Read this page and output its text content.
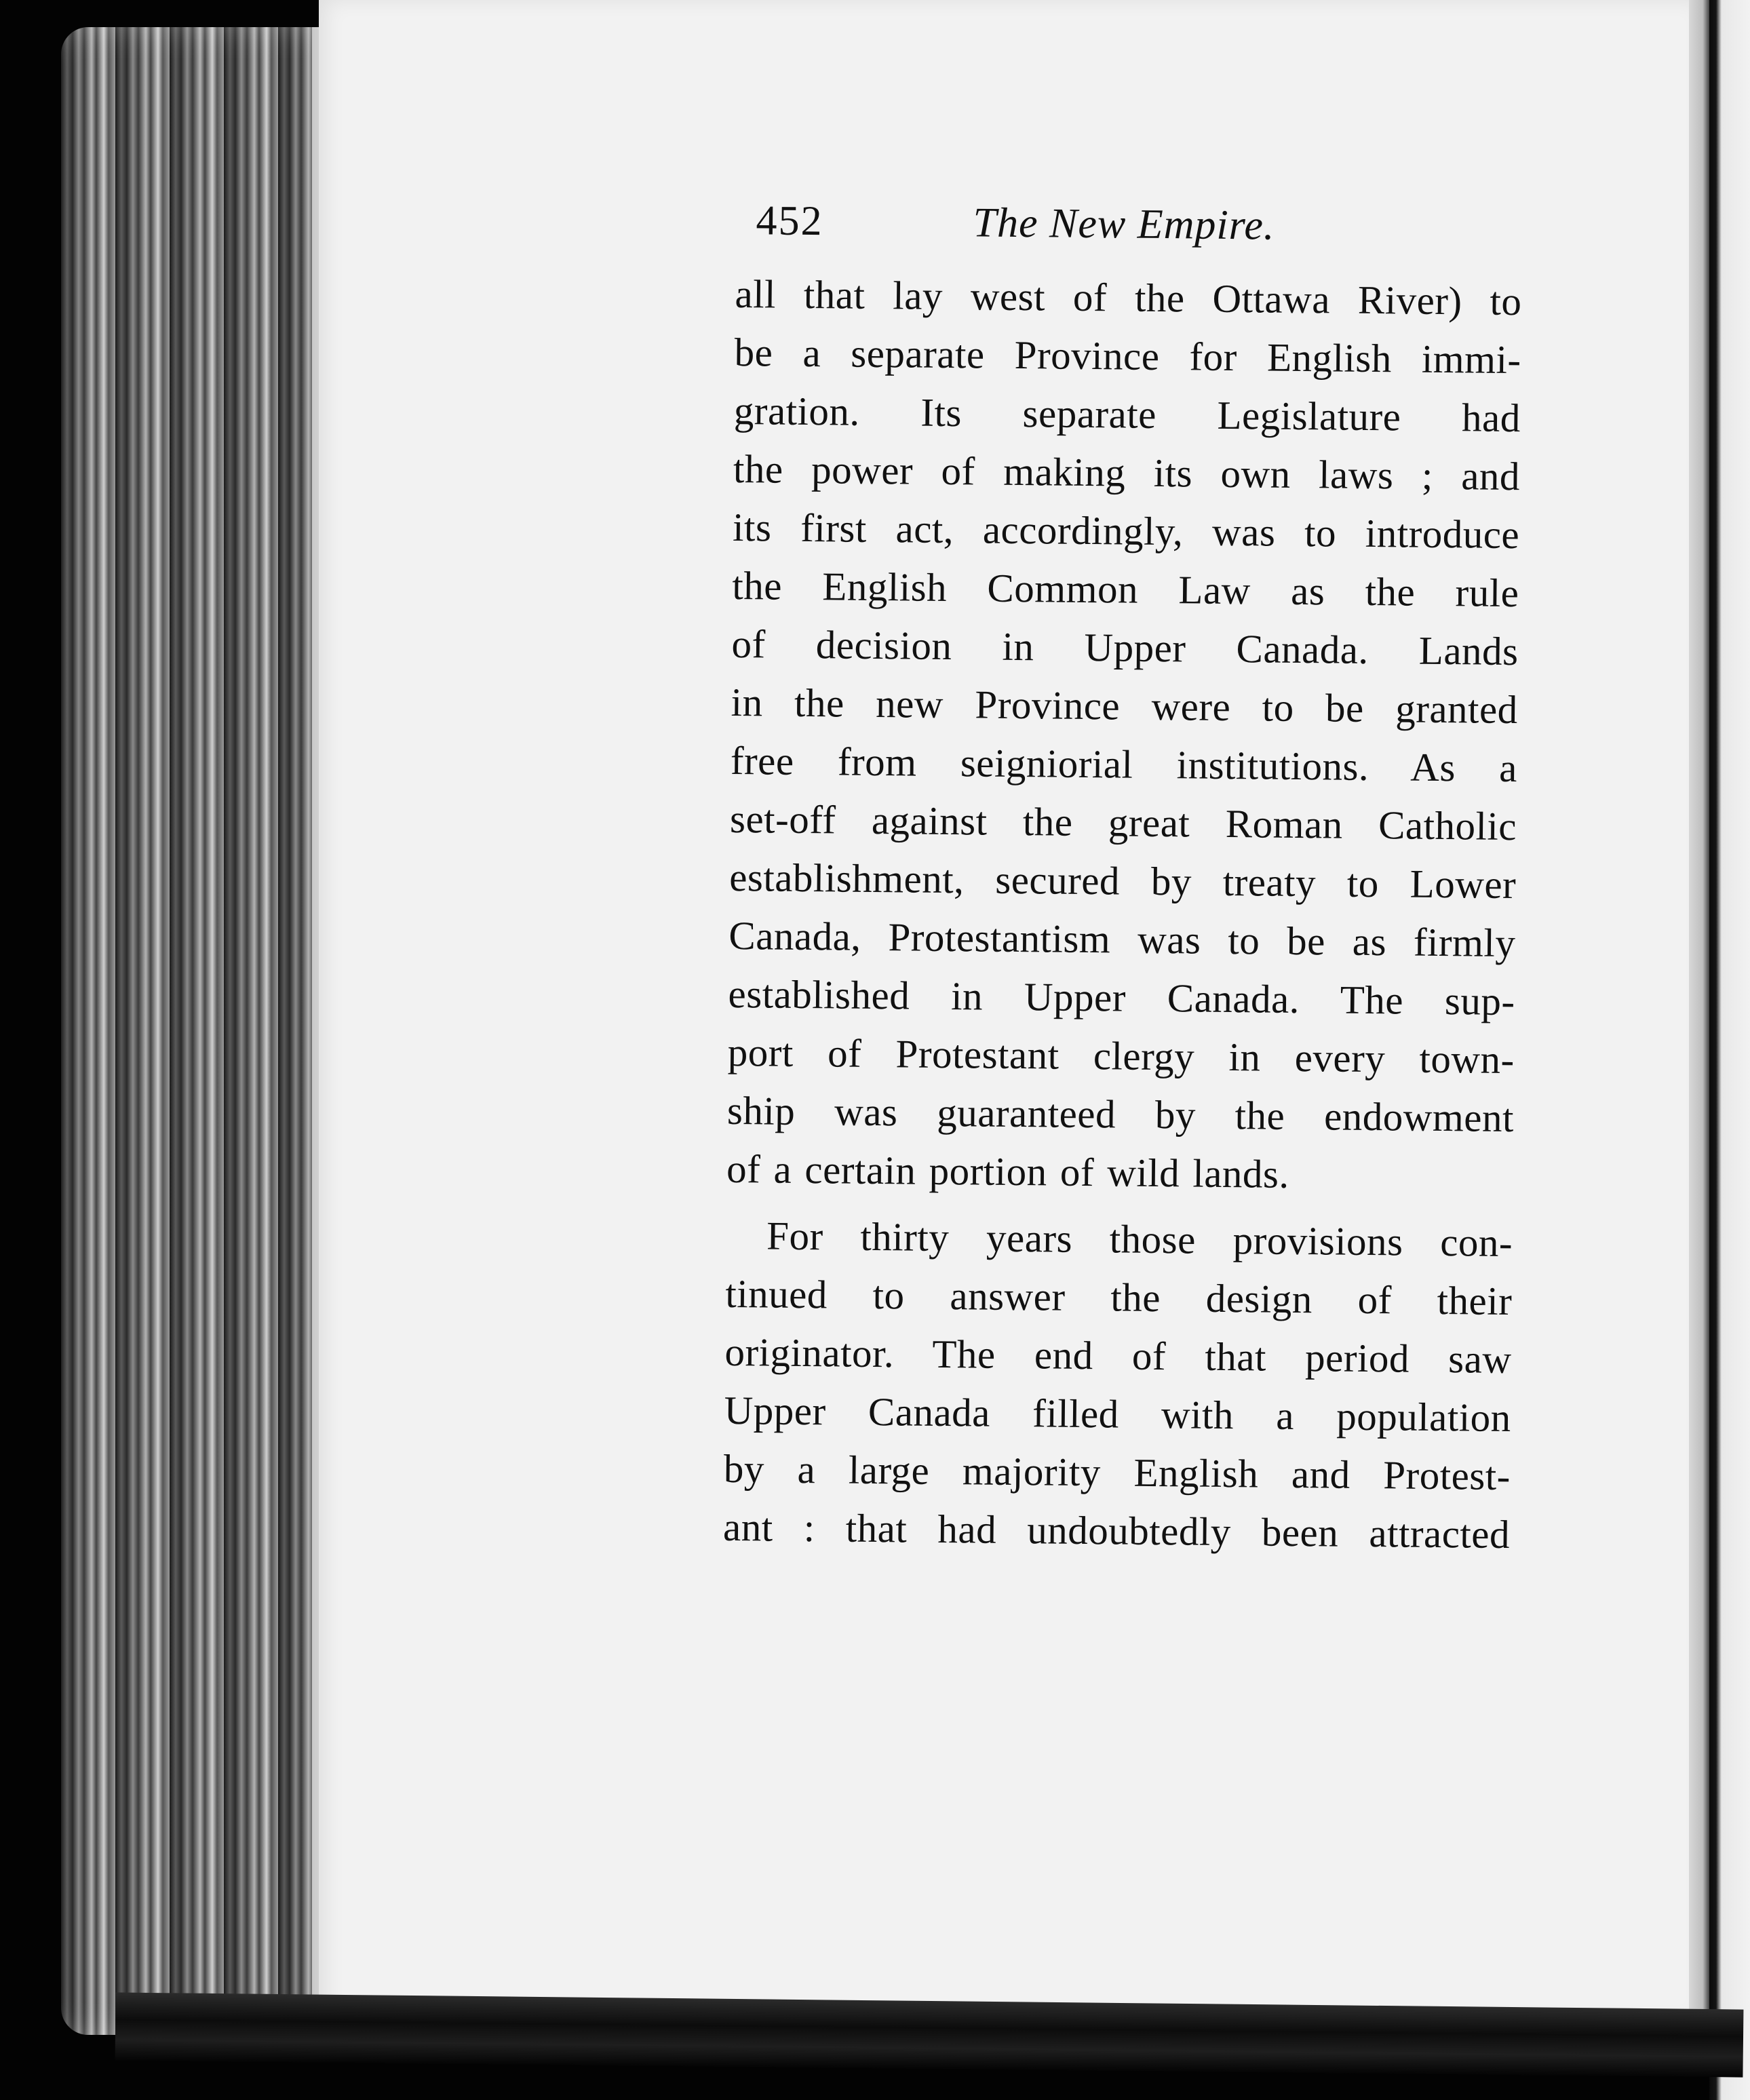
452	The New Empire.
all that lay west of the Ottawa River) to
be a separate Province for English immi-
gration. Its separate Legislature had
the power of making its own laws ; and
its first act, accordingly, was to introduce
the English Common Law as the rule
of decision in Upper Canada. Lands
in the new Province were to be granted
free from seigniorial institutions. As a
set-off against the great Roman Catholic
establishment, secured by treaty to Lower
Canada, Protestantism was to be as firmly
established in Upper Canada. The sup-
port of Protestant clergy in every town-
ship was guaranteed by the endowment
of a certain portion of wild lands.
For thirty years those provisions con-
tinued to answer the design of their
originator. The end of that period saw
Upper Canada filled with a population
by a large majority English and Protest-
ant : that had undoubtedly been attracted
